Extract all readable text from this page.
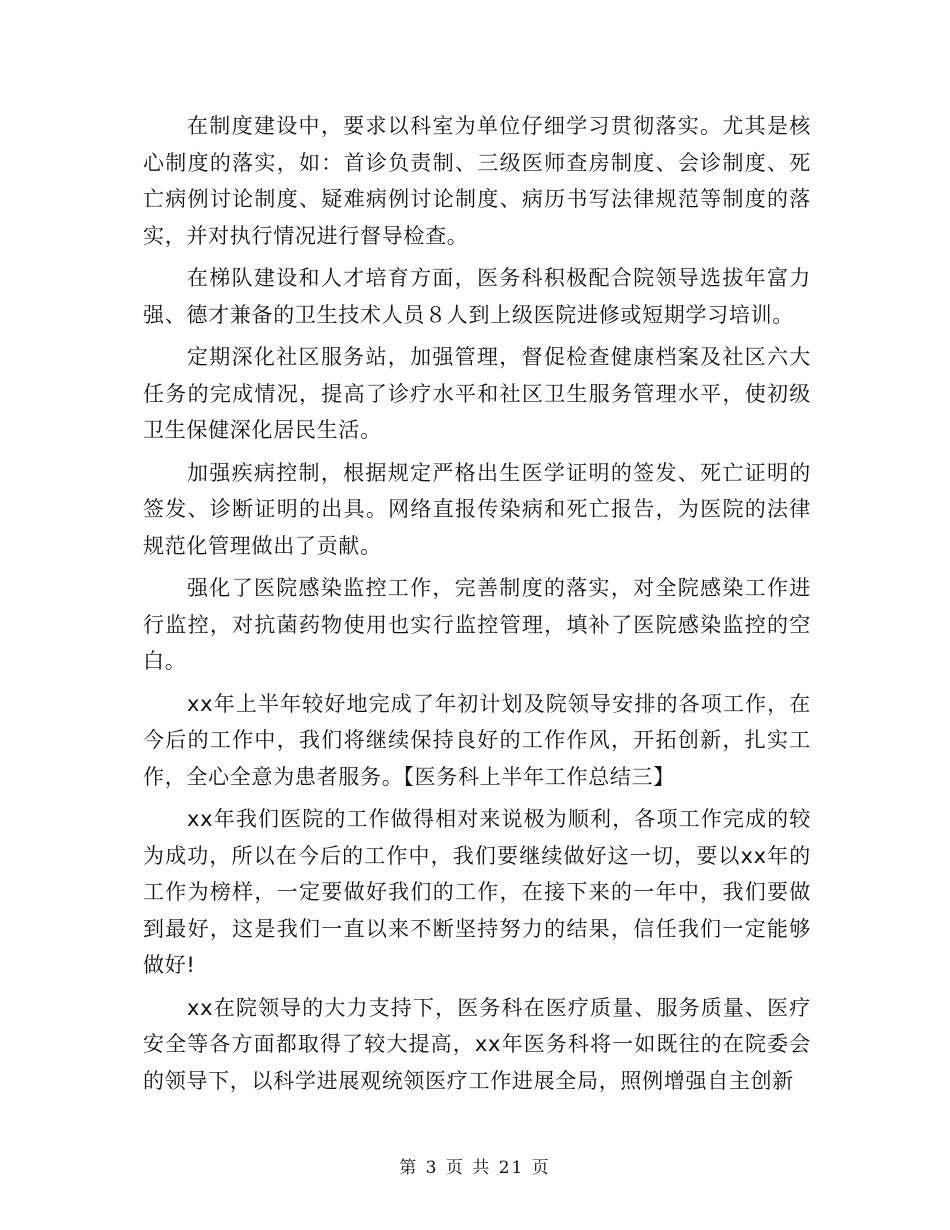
在制度建设中，要求以科室为单位仔细学习贯彻落实。尤其是核心制度的落实，如：首诊负责制、三级医师查房制度、会诊制度、死亡病例讨论制度、疑难病例讨论制度、病历书写法律规范等制度的落实，并对执行情况进行督导检查。

在梯队建设和人才培育方面，医务科积极配合院领导选拔年富力强、德才兼备的卫生技术人员８人到上级医院进修或短期学习培训。

定期深化社区服务站，加强管理，督促检查健康档案及社区六大任务的完成情况，提高了诊疗水平和社区卫生服务管理水平，使初级卫生保健深化居民生活。

加强疾病控制，根据规定严格出生医学证明的签发、死亡证明的签发、诊断证明的出具。网络直报传染病和死亡报告，为医院的法律规范化管理做出了贡献。

强化了医院感染监控工作，完善制度的落实，对全院感染工作进行监控，对抗菌药物使用也实行监控管理，填补了医院感染监控的空白。

xx年上半年较好地完成了年初计划及院领导安排的各项工作，在今后的工作中，我们将继续保持良好的工作作风，开拓创新，扎实工作，全心全意为患者服务。【医务科上半年工作总结三】

xx年我们医院的工作做得相对来说极为顺利，各项工作完成的较为成功，所以在今后的工作中，我们要继续做好这一切，要以xx年的工作为榜样，一定要做好我们的工作，在接下来的一年中，我们要做到最好，这是我们一直以来不断坚持努力的结果，信任我们一定能够做好!

xx在院领导的大力支持下，医务科在医疗质量、服务质量、医疗安全等各方面都取得了较大提高，xx年医务科将一如既往的在院委会的领导下，以科学进展观统领医疗工作进展全局，照例增强自主创新

第 3 页 共 21 页
